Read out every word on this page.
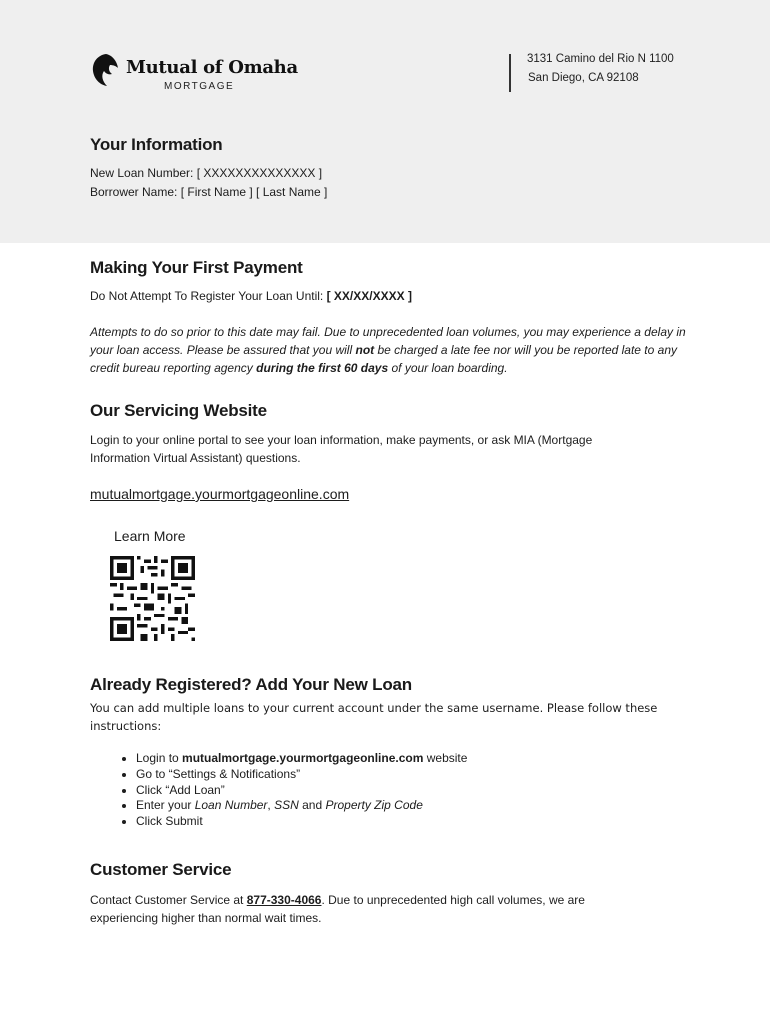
Mutual of Omaha
MORTGAGE
3131 Camino del Rio N 1100
San Diego, CA 92108
Your Information
New Loan Number: [ XXXXXXXXXXXXXX ]
Borrower Name: [ First Name ] [ Last Name ]
Making Your First Payment
Do Not Attempt To Register Your Loan Until: [ XX/XX/XXXX ]
Attempts to do so prior to this date may fail. Due to unprecedented loan volumes, you may experience a delay in your loan access. Please be assured that you will not be charged a late fee nor will you be reported late to any credit bureau reporting agency during the first 60 days of your loan boarding.
Our Servicing Website
Login to your online portal to see your loan information, make payments, or ask MIA (Mortgage Information Virtual Assistant) questions.
mutualmortgage.yourmortgageonline.com
Learn More
Already Registered? Add Your New Loan
You can add multiple loans to your current account under the same username. Please follow these instructions:
• Login to mutualmortgage.yourmortgageonline.com website
• Go to “Settings & Notifications”
• Click “Add Loan”
• Enter your Loan Number, SSN and Property Zip Code
• Click Submit
Customer Service
Contact Customer Service at 877-330-4066. Due to unprecedented high call volumes, we are experiencing higher than normal wait times.
